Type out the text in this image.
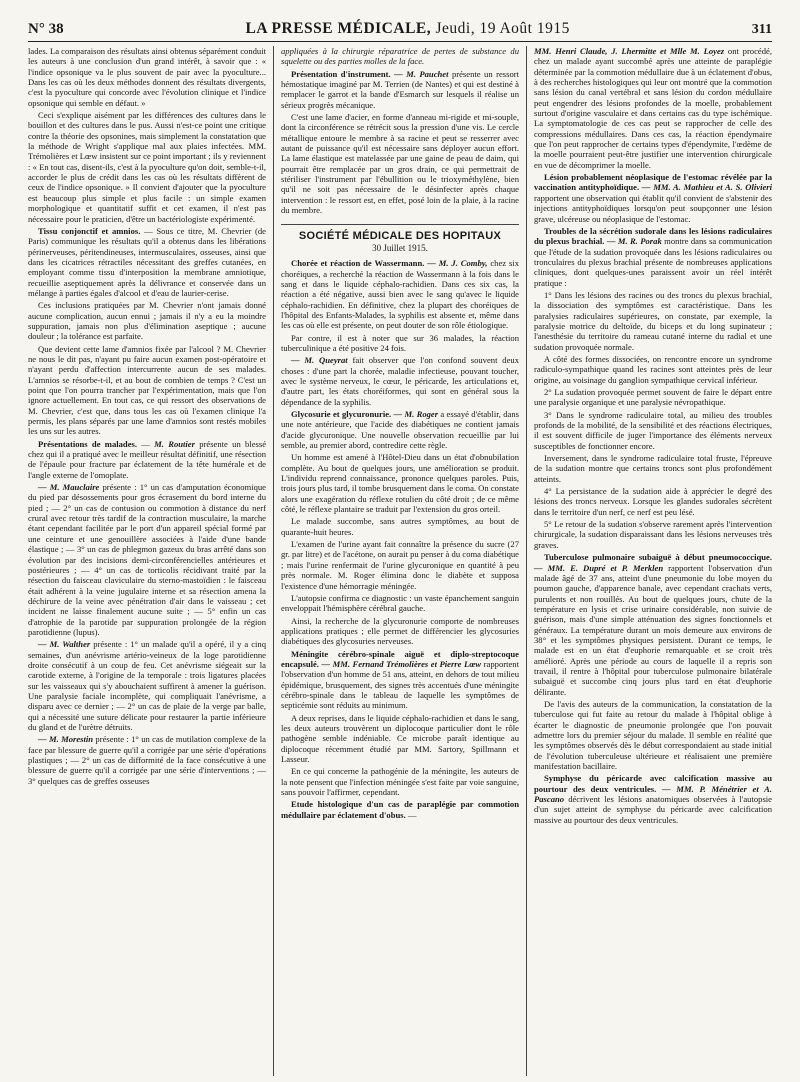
N° 38	LA PRESSE MÉDICALE, Jeudi, 19 Août 1915	311

lades. La comparaison des résultats ainsi obtenus séparément conduit les auteurs à une conclusion d'un grand intérêt, à savoir que : « l'indice opsonique va le plus souvent de pair avec la pyoculture... Dans les cas où les deux méthodes donnent des résultats divergents, c'est la pyoculture qui concorde avec l'évolution clinique et l'indice opsonique qui semble en défaut. »

Ceci s'explique aisément par les différences des cultures dans le bouillon et des cultures dans le pus. Aussi n'est-ce point une critique contre la théorie des opsonines, mais simplement la constatation que la méthode de Wright s'applique mal aux plaies infectées. MM. Trémolières et Lœw insistent sur ce point important ; ils y reviennent : « En tout cas, disent-ils, c'est à la pyoculture qu'on doit, semble-t-il, accorder le plus de crédit dans les cas où les résultats diffèrent de ceux de l'indice opsonique. » Il convient d'ajouter que la pyoculture est beaucoup plus simple et plus facile : un simple examen morphologique et quantitatif suffit et cet examen, il n'est pas nécessaire pour le praticien, d'être un bactériologiste expérimenté.

Tissu conjonctif et amnios. — Sous ce titre, M. Chevrier (de Paris) communique les résultats qu'il a obtenus dans les libérations périnerveuses, péritendineuses, intermusculaires, osseuses, ainsi que dans les cicatrices rétractiles nécessitant des greffes cutanées, en employant comme tissu d'interposition la membrane amniotique, recueillie aseptiquement après la délivrance et conservée dans un mélange à parties égales d'alcool et d'eau de laurier-cerise.

Ces inclusions pratiquées par M. Chevrier n'ont jamais donné aucune complication, aucun ennui ; jamais il n'y a eu la moindre suppuration, jamais non plus d'élimination aseptique ; aucune douleur ; la tolérance est parfaite.

Que devient cette lame d'amnios fixée par l'alcool ? M. Chevrier ne nous le dit pas, n'ayant pu faire aucun examen post-opératoire et n'ayant perdu d'affection intercurrente aucun de ses malades. L'amnios se résorbe-t-il, et au bout de combien de temps ? C'est un point que l'on pourra trancher par l'expérimentation, mais que l'on ignore actuellement. En tout cas, ce qui ressort des observations de M. Chevrier, c'est que, dans tous les cas où l'examen clinique l'a permis, les plans séparés par une lame d'amnios sont restés mobiles les uns sur les autres.

Présentations de malades. — M. Routier présente un blessé chez qui il a pratiqué avec le meilleur résultat définitif, une résection de l'épaule pour fracture par éclatement de la tête humérale et de l'angle externe de l'omoplate.

— M. Mauclaire présente : 1° un cas d'amputation économique du pied par désossements pour gros écrasement du bord interne du pied ; — 2° un cas de contusion ou commotion à distance du nerf crural avec retour très tardif de la contraction musculaire, la marche étant cependant facilitée par le port d'un appareil spécial formé par une ceinture et une genouillère associées à l'aide d'une bande élastique ; — 3° un cas de phlegmon gazeux du bras arrêté dans son évolution par des incisions demi-circonférencielles antérieures et postérieures ; — 4° un cas de torticolis récidivant traité par la résection du faisceau claviculaire du sterno-mastoïdien : le faisceau était adhérent à la veine jugulaire interne et sa résection amena la déchirure de la veine avec pénétration d'air dans le vaisseau ; cet incident ne laisse finalement aucune suite ; — 5° enfin un cas d'atrophie de la parotide par suppuration prolongée de la région parotidienne (lupus).

— M. Walther présente : 1° un malade qu'il a opéré, il y a cinq semaines, d'un anévrisme artério-veineux de la loge parotidienne droite consécutif à un coup de feu. Cet anévrisme siégeait sur la carotide externe, à l'origine de la temporale : trois ligatures placées sur les vaisseaux qui s'y abouchaient suffirent à amener la guérison. Une paralysie faciale incomplète, qui compliquait l'anévrisme, a disparu avec ce dernier ; — 2° un cas de plaie de la verge par balle, qui a nécessité une suture délicate pour restaurer la partie inférieure du gland et de l'urètre détruits.

— M. Morestin présente : 1° un cas de mutilation complexe de la face par blessure de guerre qu'il a corrigée par une série d'opérations plastiques ; — 2° un cas de difformité de la face consécutive à une blessure de guerre qu'il a corrigée par une série d'interventions ; — 3° quelques cas de greffes osseuses

appliquées à la chirurgie réparatrice de pertes de substance du squelette ou des parties molles de la face.

Présentation d'instrument. — M. Pauchet présente un ressort hémostatique imaginé par M. Terrien (de Nantes) et qui est destiné à remplacer le garrot et la bande d'Esmarch sur lesquels il réalise un sérieux progrès mécanique.

C'est une lame d'acier, en forme d'anneau mi-rigide et mi-souple, dont la circonférence se rétrécit sous la pression d'une vis. Le cercle métallique entoure le membre à sa racine et peut se resserrer avec autant de puissance qu'il est nécessaire sans déployer aucun effort. La lame élastique est matelassée par une gaine de peau de daim, qui pourrait être remplacée par un gros drain, ce qui permettrait de stériliser l'instrument par l'ébullition ou le trioxyméthylène, bien qu'il ne soit pas nécessaire de le désinfecter après chaque intervention : le ressort est, en effet, posé loin de la plaie, à la racine du membre.

SOCIÉTÉ MÉDICALE DES HOPITAUX
30 Juillet 1915.

Chorée et réaction de Wassermann. — M. J. Comby, chez six choréiques, a recherché la réaction de Wassermann à la fois dans le sang et dans le liquide céphalo-rachidien. Dans ces six cas, la réaction a été négative, aussi bien avec le sang qu'avec le liquide céphalo-rachidien. En définitive, chez la plupart des choréiques de l'hôpital des Enfants-Malades, la syphilis est absente et, même dans les cas où elle est présente, on peut douter de son rôle étiologique.

Par contre, il est à noter que sur 36 malades, la réaction tuberculinique a été positive 24 fois.

— M. Queyrat fait observer que l'on confond souvent deux choses : d'une part la chorée, maladie infectieuse, pouvant toucher, avec le système nerveux, le cœur, le péricarde, les articulations et, d'autre part, les états choréiformes, qui sont en général sous la dépendance de la syphilis.

Glycosurie et glycuronurie. — M. Roger a essayé d'établir, dans une note antérieure, que l'acide des diabétiques ne contient jamais d'acide glycuronique. Une nouvelle observation recueillie par lui semble, au premier abord, contredire cette règle.

Un homme est amené à l'Hôtel-Dieu dans un état d'obnubilation complète. Au bout de quelques jours, une amélioration se produit. L'individu reprend connaissance, prononce quelques paroles. Puis, trois jours plus tard, il tombe brusquement dans le coma. On constate alors une exagération du réflexe rotulien du côté droit ; de ce même côté, le réflexe plantaire se traduit par l'extension du gros orteil.

Le malade succombe, sans autres symptômes, au bout de quarante-huit heures.

L'examen de l'urine ayant fait connaître la présence du sucre (27 gr. par litre) et de l'acétone, on aurait pu penser à du coma diabétique ; mais l'urine renfermait de l'urine glycuronique en quantité à peu près normale. M. Roger élimina donc le diabète et supposa l'existence d'une hémorragie méningée.

L'autopsie confirma ce diagnostic : un vaste épanchement sanguin enveloppait l'hémisphère cérébral gauche.

Ainsi, la recherche de la glycuronurie comporte de nombreuses applications pratiques ; elle permet de différencier les glycosuries diabétiques des glycosuries nerveuses.

Méningite cérébro-spinale aiguë et diplo-streptocoque encapsulé. — MM. Fernand Trémolières et Pierre Lœw rapportent l'observation d'un homme de 51 ans, atteint, en dehors de tout milieu épidémique, brusquement, des signes très accentués d'une méningite cérébro-spinale dans le tableau de laquelle les symptômes de septicémie sont réduits au minimum.

A deux reprises, dans le liquide céphalo-rachidien et dans le sang, les deux auteurs trouvèrent un diplocoque particulier dont le rôle pathogène semble indéniable. Ce microbe paraît identique au diplocoque récemment étudié par MM. Sartory, Spillmann et Lasseur.

En ce qui concerne la pathogénie de la méningite, les auteurs de la note pensent que l'infection méningée s'est faite par voie sanguine, sans pouvoir l'affirmer, cependant.

Etude histologique d'un cas de paraplégie par commotion médullaire par éclatement d'obus. —

MM. Henri Claude, J. Lhermitte et Mlle M. Loyez ont procédé, chez un malade ayant succombé après une atteinte de paraplégie déterminée par la commotion médullaire due à un éclatement d'obus, à des recherches histologiques qui leur ont montré que la commotion sans lésion du canal vertébral et sans lésion du cordon médullaire peut engendrer des lésions profondes de la moelle, probablement surtout d'origine vasculaire et dans certains cas du type ischémique. La symptomatologie de ces cas peut se rapprocher de celle des compressions médullaires. Dans ces cas, la réaction épendymaire que l'on peut rapprocher de certains types d'épendymite, l'œdème de la moelle pourraient peut-être justifier une intervention chirurgicale en vue de décomprimer la moelle.

Lésion probablement néoplasique de l'estomac révélée par la vaccination antityphoïdique. — MM. A. Mathieu et A. S. Olivieri rapportent une observation qui établit qu'il convient de s'abstenir des injections antityphoïdiques lorsqu'on peut soupçonner une lésion grave, ulcéreuse ou néoplasique de l'estomac.

Troubles de la sécrétion sudorale dans les lésions radiculaires du plexus brachial. — M. R. Porak montre dans sa communication que l'étude de la sudation provoquée dans les lésions radiculaires ou tronculaires du plexus brachial présente de nombreuses applications cliniques, dont quelques-unes paraissent avoir un réel intérêt pratique :

1° Dans les lésions des racines ou des troncs du plexus brachial, la dissociation des symptômes est caractéristique. Dans les paralysies radiculaires supérieures, on constate, par exemple, la paralysie motrice du deltoïde, du biceps et du long supinateur ; l'anesthésie du territoire du rameau cutané interne du radial et une sudation provoquée normale.

A côté des formes dissociées, on rencontre encore un syndrome radiculo-sympathique quand les racines sont atteintes près de leur origine, au voisinage du ganglion sympathique cervical inférieur.

2° La sudation provoquée permet souvent de faire le départ entre une paralysie organique et une paralysie névropathique.

3° Dans le syndrome radiculaire total, au milieu des troubles profonds de la mobilité, de la sensibilité et des réactions électriques, il est souvent difficile de juger l'importance des éléments nerveux susceptibles de fonctionner encore.

Inversement, dans le syndrome radiculaire total fruste, l'épreuve de la sudation montre que certains troncs sont plus profondément atteints.

4° La persistance de la sudation aide à apprécier le degré des lésions des troncs nerveux. Lorsque les glandes sudorales sécrètent dans le territoire d'un nerf, ce nerf est peu lésé.

5° Le retour de la sudation s'observe rarement après l'intervention chirurgicale, la sudation disparaissant dans les lésions nerveuses très graves.

Tuberculose pulmonaire subaiguë à début pneumococcique. — MM. E. Dupré et P. Merklen rapportent l'observation d'un malade âgé de 37 ans, atteint d'une pneumonie du lobe moyen du poumon gauche, d'apparence banale, avec cependant crachats verts, purulents et non rouillés. Au bout de quelques jours, chute de la température en lysis et crise urinaire considérable, non suivie de guérison, mais d'une simple atténuation des signes fonctionnels et généraux. La température durant un mois demeure aux environs de 38° et les symptômes physiques persistent. Durant ce temps, le malade est en un état d'euphorie remarquable et se croit très amélioré. Après une période au cours de laquelle il a repris son travail, il rentre à l'hôpital pour tuberculose pulmonaire bilatérale subaiguë et succombe cinq jours plus tard en état d'euphorie délirante.

De l'avis des auteurs de la communication, la constatation de la tuberculose qui fut faite au retour du malade à l'hôpital oblige à écarter le diagnostic de pneumonie prolongée que l'on pouvait admettre lors du premier séjour du malade. Il semble en réalité que les symptômes observés dès le début correspondaient au stade initial de l'évolution tuberculeuse ultérieure et réalisaient une première manifestation bacillaire.

Symphyse du péricarde avec calcification massive au pourtour des deux ventricules. — MM. P. Ménétrier et A. Pascano décrivent les lésions anatomiques observées à l'autopsie d'un sujet atteint de symphyse du péricarde avec calcification massive au pourtour des deux ventricules.
